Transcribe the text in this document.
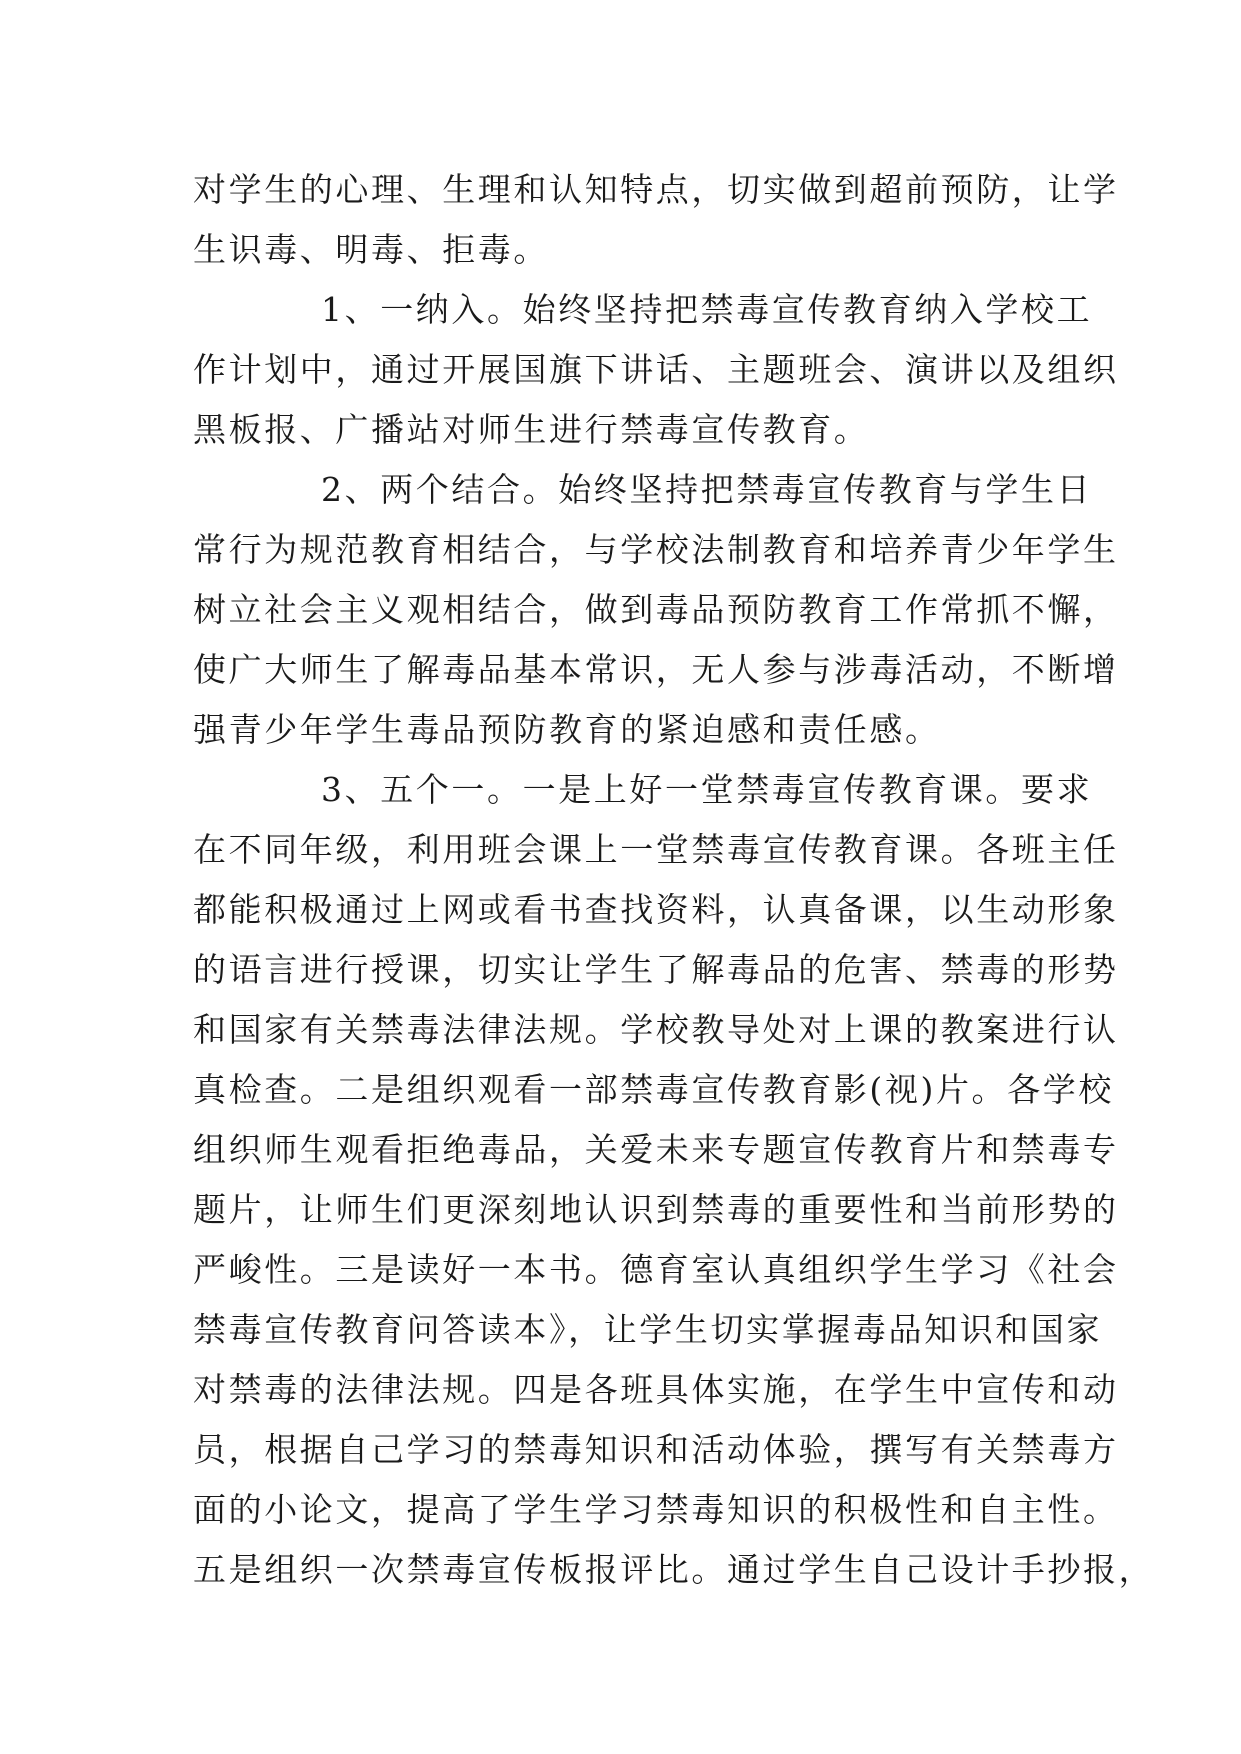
对学生的心理、生理和认知特点，切实做到超前预防，让学
生识毒、明毒、拒毒。
1、一纳入。始终坚持把禁毒宣传教育纳入学校工
作计划中，通过开展国旗下讲话、主题班会、演讲以及组织
黑板报、广播站对师生进行禁毒宣传教育。
2、两个结合。始终坚持把禁毒宣传教育与学生日
常行为规范教育相结合，与学校法制教育和培养青少年学生
树立社会主义观相结合，做到毒品预防教育工作常抓不懈，
使广大师生了解毒品基本常识，无人参与涉毒活动，不断增
强青少年学生毒品预防教育的紧迫感和责任感。
3、五个一。一是上好一堂禁毒宣传教育课。要求
在不同年级，利用班会课上一堂禁毒宣传教育课。各班主任
都能积极通过上网或看书查找资料，认真备课，以生动形象
的语言进行授课，切实让学生了解毒品的危害、禁毒的形势
和国家有关禁毒法律法规。学校教导处对上课的教案进行认
真检查。二是组织观看一部禁毒宣传教育影(视)片。各学校
组织师生观看拒绝毒品，关爱未来专题宣传教育片和禁毒专
题片，让师生们更深刻地认识到禁毒的重要性和当前形势的
严峻性。三是读好一本书。德育室认真组织学生学习《社会
禁毒宣传教育问答读本》，让学生切实掌握毒品知识和国家
对禁毒的法律法规。四是各班具体实施，在学生中宣传和动
员，根据自己学习的禁毒知识和活动体验，撰写有关禁毒方
面的小论文，提高了学生学习禁毒知识的积极性和自主性。
五是组织一次禁毒宣传板报评比。通过学生自己设计手抄报，
